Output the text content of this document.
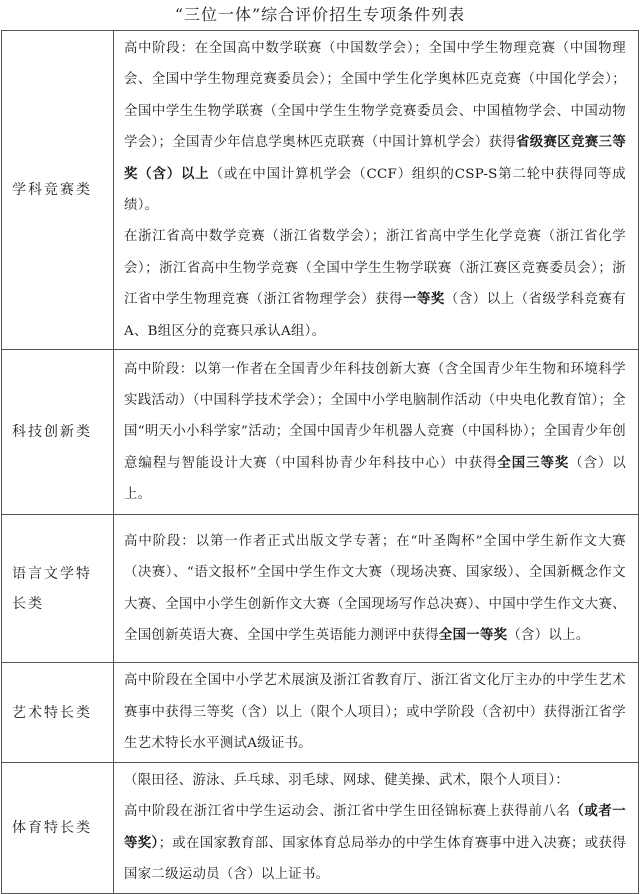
“三位一体”综合评价招生专项条件列表
学科竞赛类	高中阶段：在全国高中数学联赛（中国数学会）；全国中学生物理竞赛（中国物理会、全国中学生物理竞赛委员会）；全国中学生化学奥林匹克竞赛（中国化学会）；全国中学生生物学联赛（全国中学生生物学竞赛委员会、中国植物学会、中国动物学会）；全国青少年信息学奥林匹克联赛（中国计算机学会）获得省级赛区竞赛三等奖（含）以上（或在中国计算机学会（CCF）组织的CSP-S第二轮中获得同等成绩）。

在浙江省高中数学竞赛（浙江省数学会）；浙江省高中学生化学竞赛（浙江省化学会）；浙江省高中生物学竞赛（全国中学生生物学联赛（浙江赛区竞赛委员会）；浙江省中学生物理竞赛（浙江省物理学会）获得一等奖（含）以上（省级学科竞赛有A、B组区分的竞赛只承认A组）。

科技创新类	高中阶段：以第一作者在全国青少年科技创新大赛（含全国青少年生物和环境科学实践活动）（中国科学技术学会）；全国中小学电脑制作活动（中央电化教育馆）；全国“明天小小科学家”活动；全国中国青少年机器人竞赛（中国科协）；全国青少年创意编程与智能设计大赛（中国科协青少年科技中心）中获得全国三等奖（含）以上。

语言文学特长类	高中阶段：以第一作者正式出版文学专著；在“叶圣陶杯”全国中学生新作文大赛（决赛）、“语文报杯”全国中学生作文大赛（现场决赛、国家级）、全国新概念作文大赛、全国中小学生创新作文大赛（全国现场写作总决赛）、中国中学生作文大赛、全国创新英语大赛、全国中学生英语能力测评中获得全国一等奖（含）以上。

艺术特长类	高中阶段在全国中小学艺术展演及浙江省教育厅、浙江省文化厅主办的中学生艺术赛事中获得三等奖（含）以上（限个人项目）；或中学阶段（含初中）获得浙江省学生艺术特长水平测试A级证书。

体育特长类	（限田径、游泳、乒乓球、羽毛球、网球、健美操、武术，限个人项目）：

高中阶段在浙江省中学生运动会、浙江省中学生田径锦标赛上获得前八名（或者一等奖）；或在国家教育部、国家体育总局举办的中学生体育赛事中进入决赛；或获得国家二级运动员（含）以上证书。
